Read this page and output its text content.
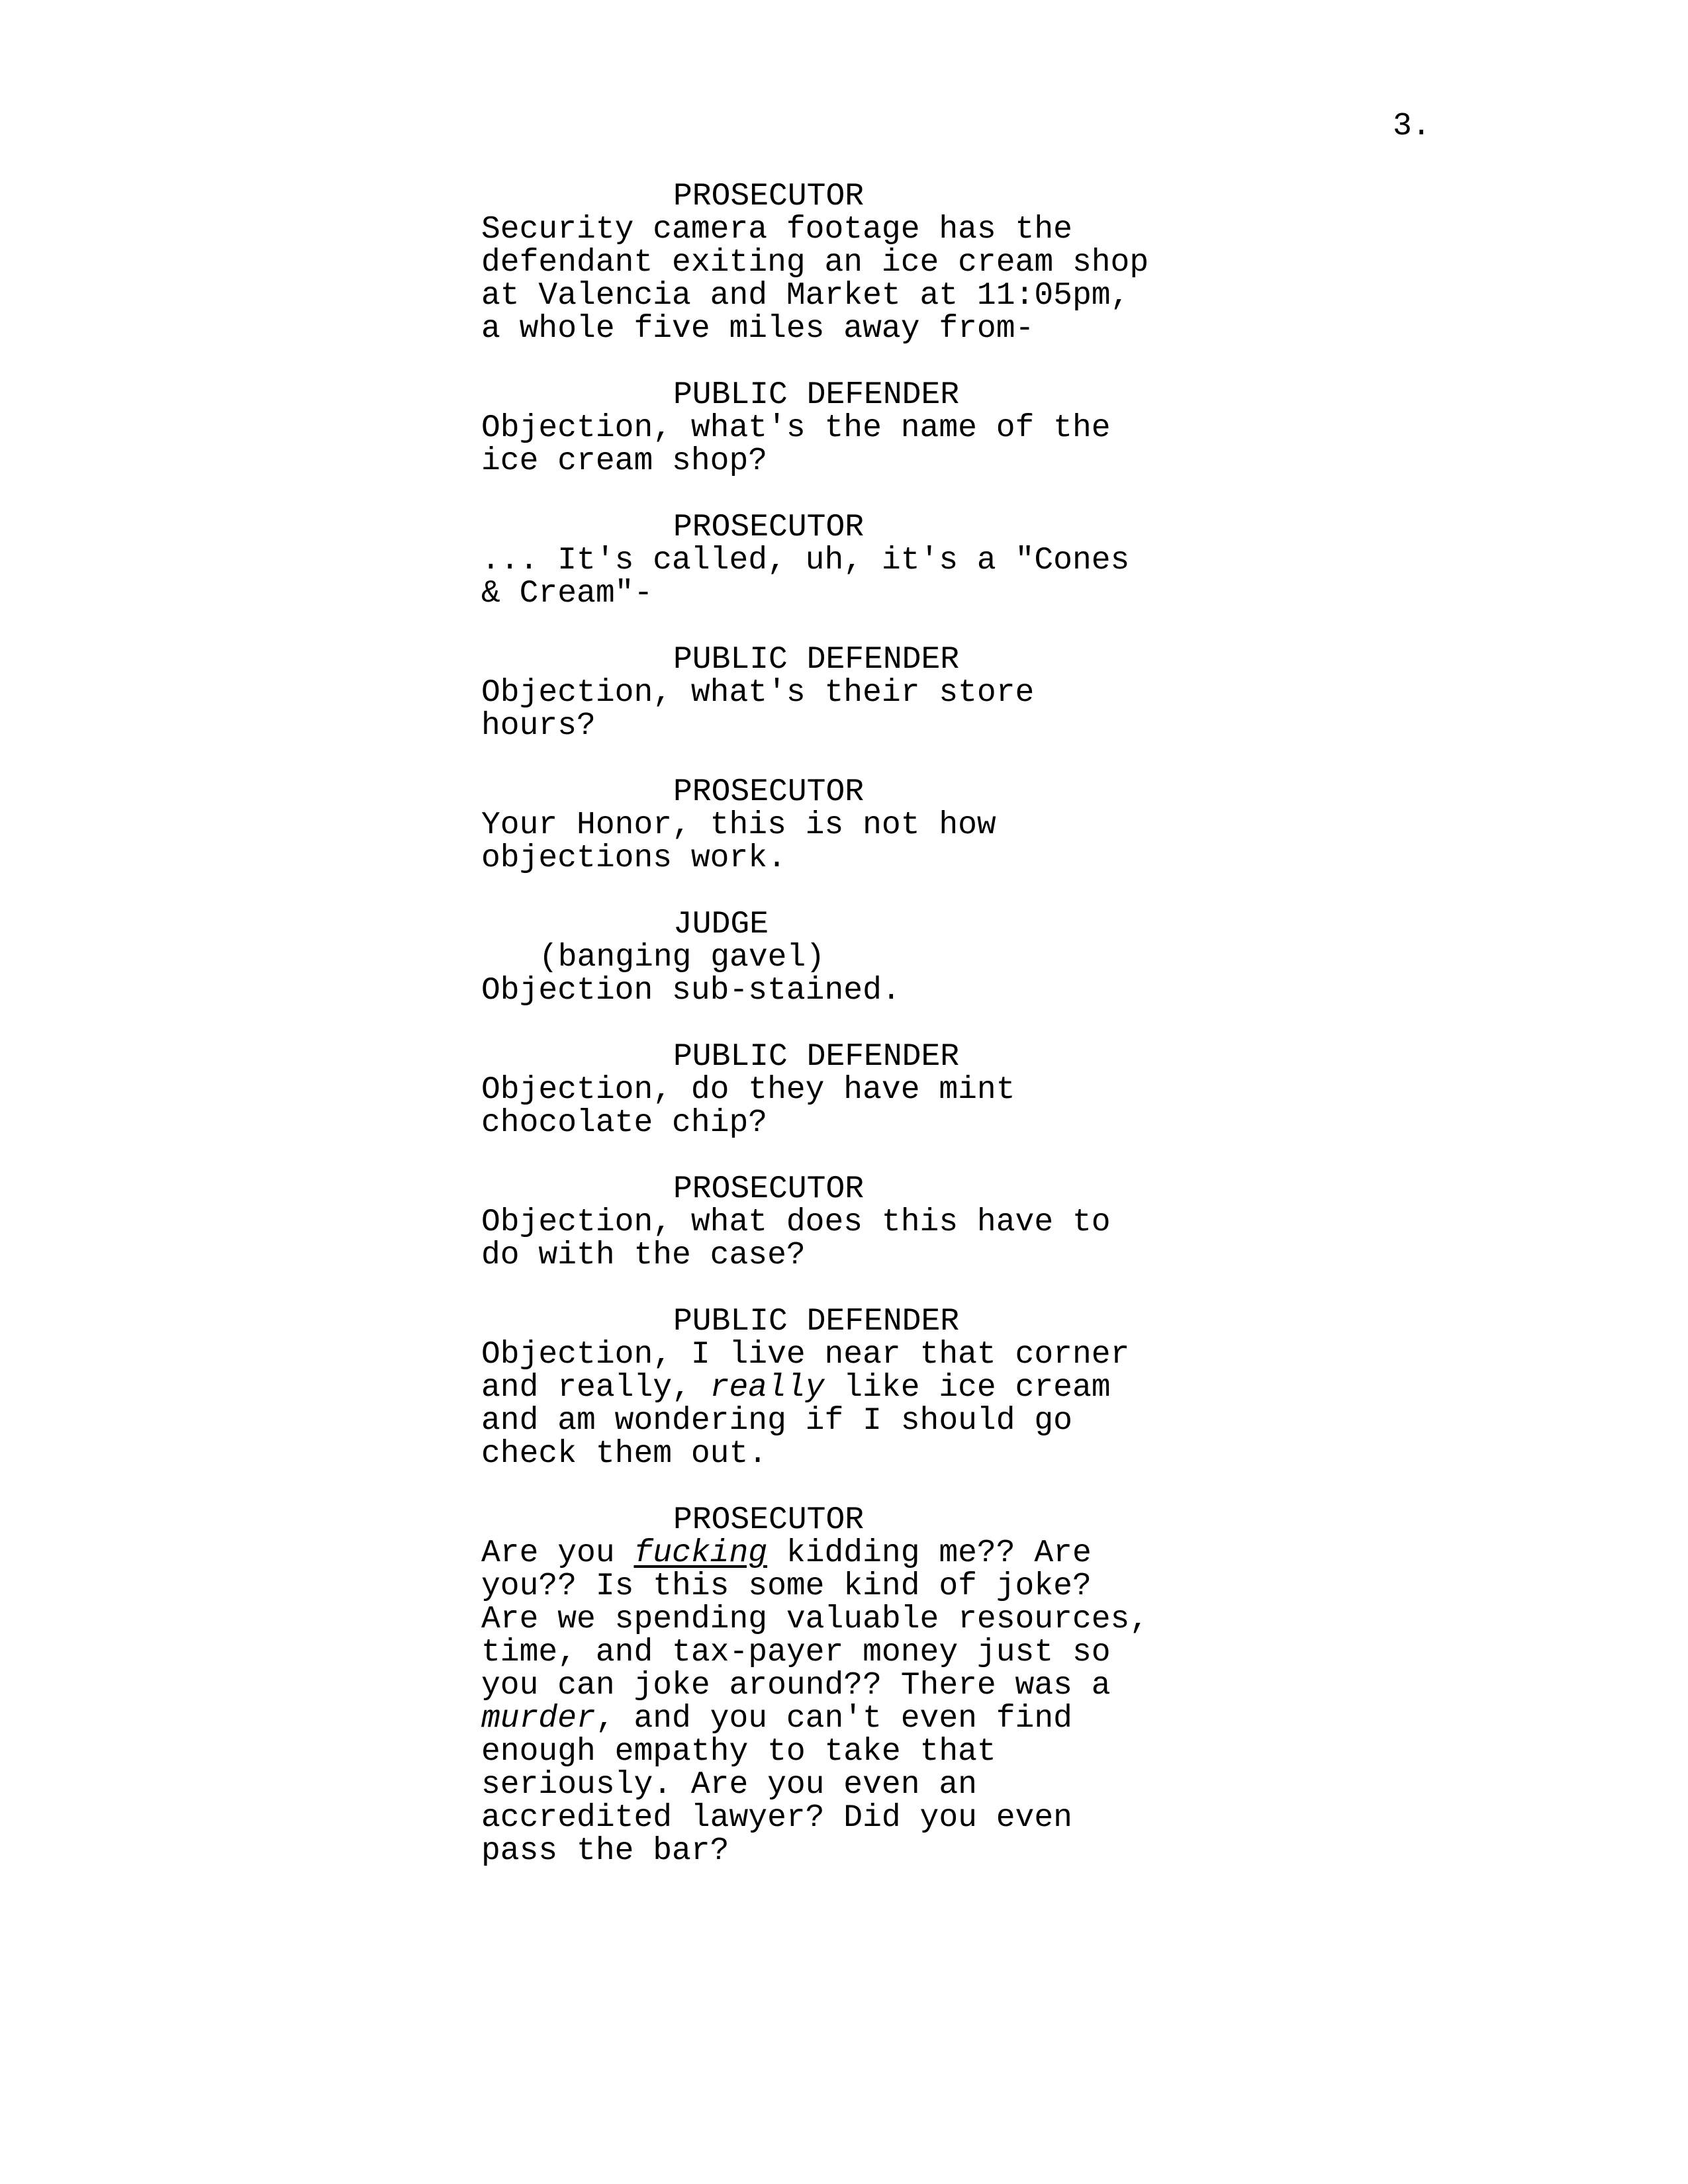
3.
PROSECUTOR
Security camera footage has the
defendant exiting an ice cream shop
at Valencia and Market at 11:05pm,
a whole five miles away from-
PUBLIC DEFENDER
Objection, what's the name of the
ice cream shop?
PROSECUTOR
... It's called, uh, it's a "Cones
& Cream"-
PUBLIC DEFENDER
Objection, what's their store
hours?
PROSECUTOR
Your Honor, this is not how
objections work.
JUDGE
(banging gavel)
Objection sub-stained.
PUBLIC DEFENDER
Objection, do they have mint
chocolate chip?
PROSECUTOR
Objection, what does this have to
do with the case?
PUBLIC DEFENDER
Objection, I live near that corner
and really, really like ice cream
and am wondering if I should go
check them out.
PROSECUTOR
Are you fucking kidding me?? Are
you?? Is this some kind of joke?
Are we spending valuable resources,
time, and tax-payer money just so
you can joke around?? There was a
murder, and you can't even find
enough empathy to take that
seriously. Are you even an
accredited lawyer? Did you even
pass the bar?
